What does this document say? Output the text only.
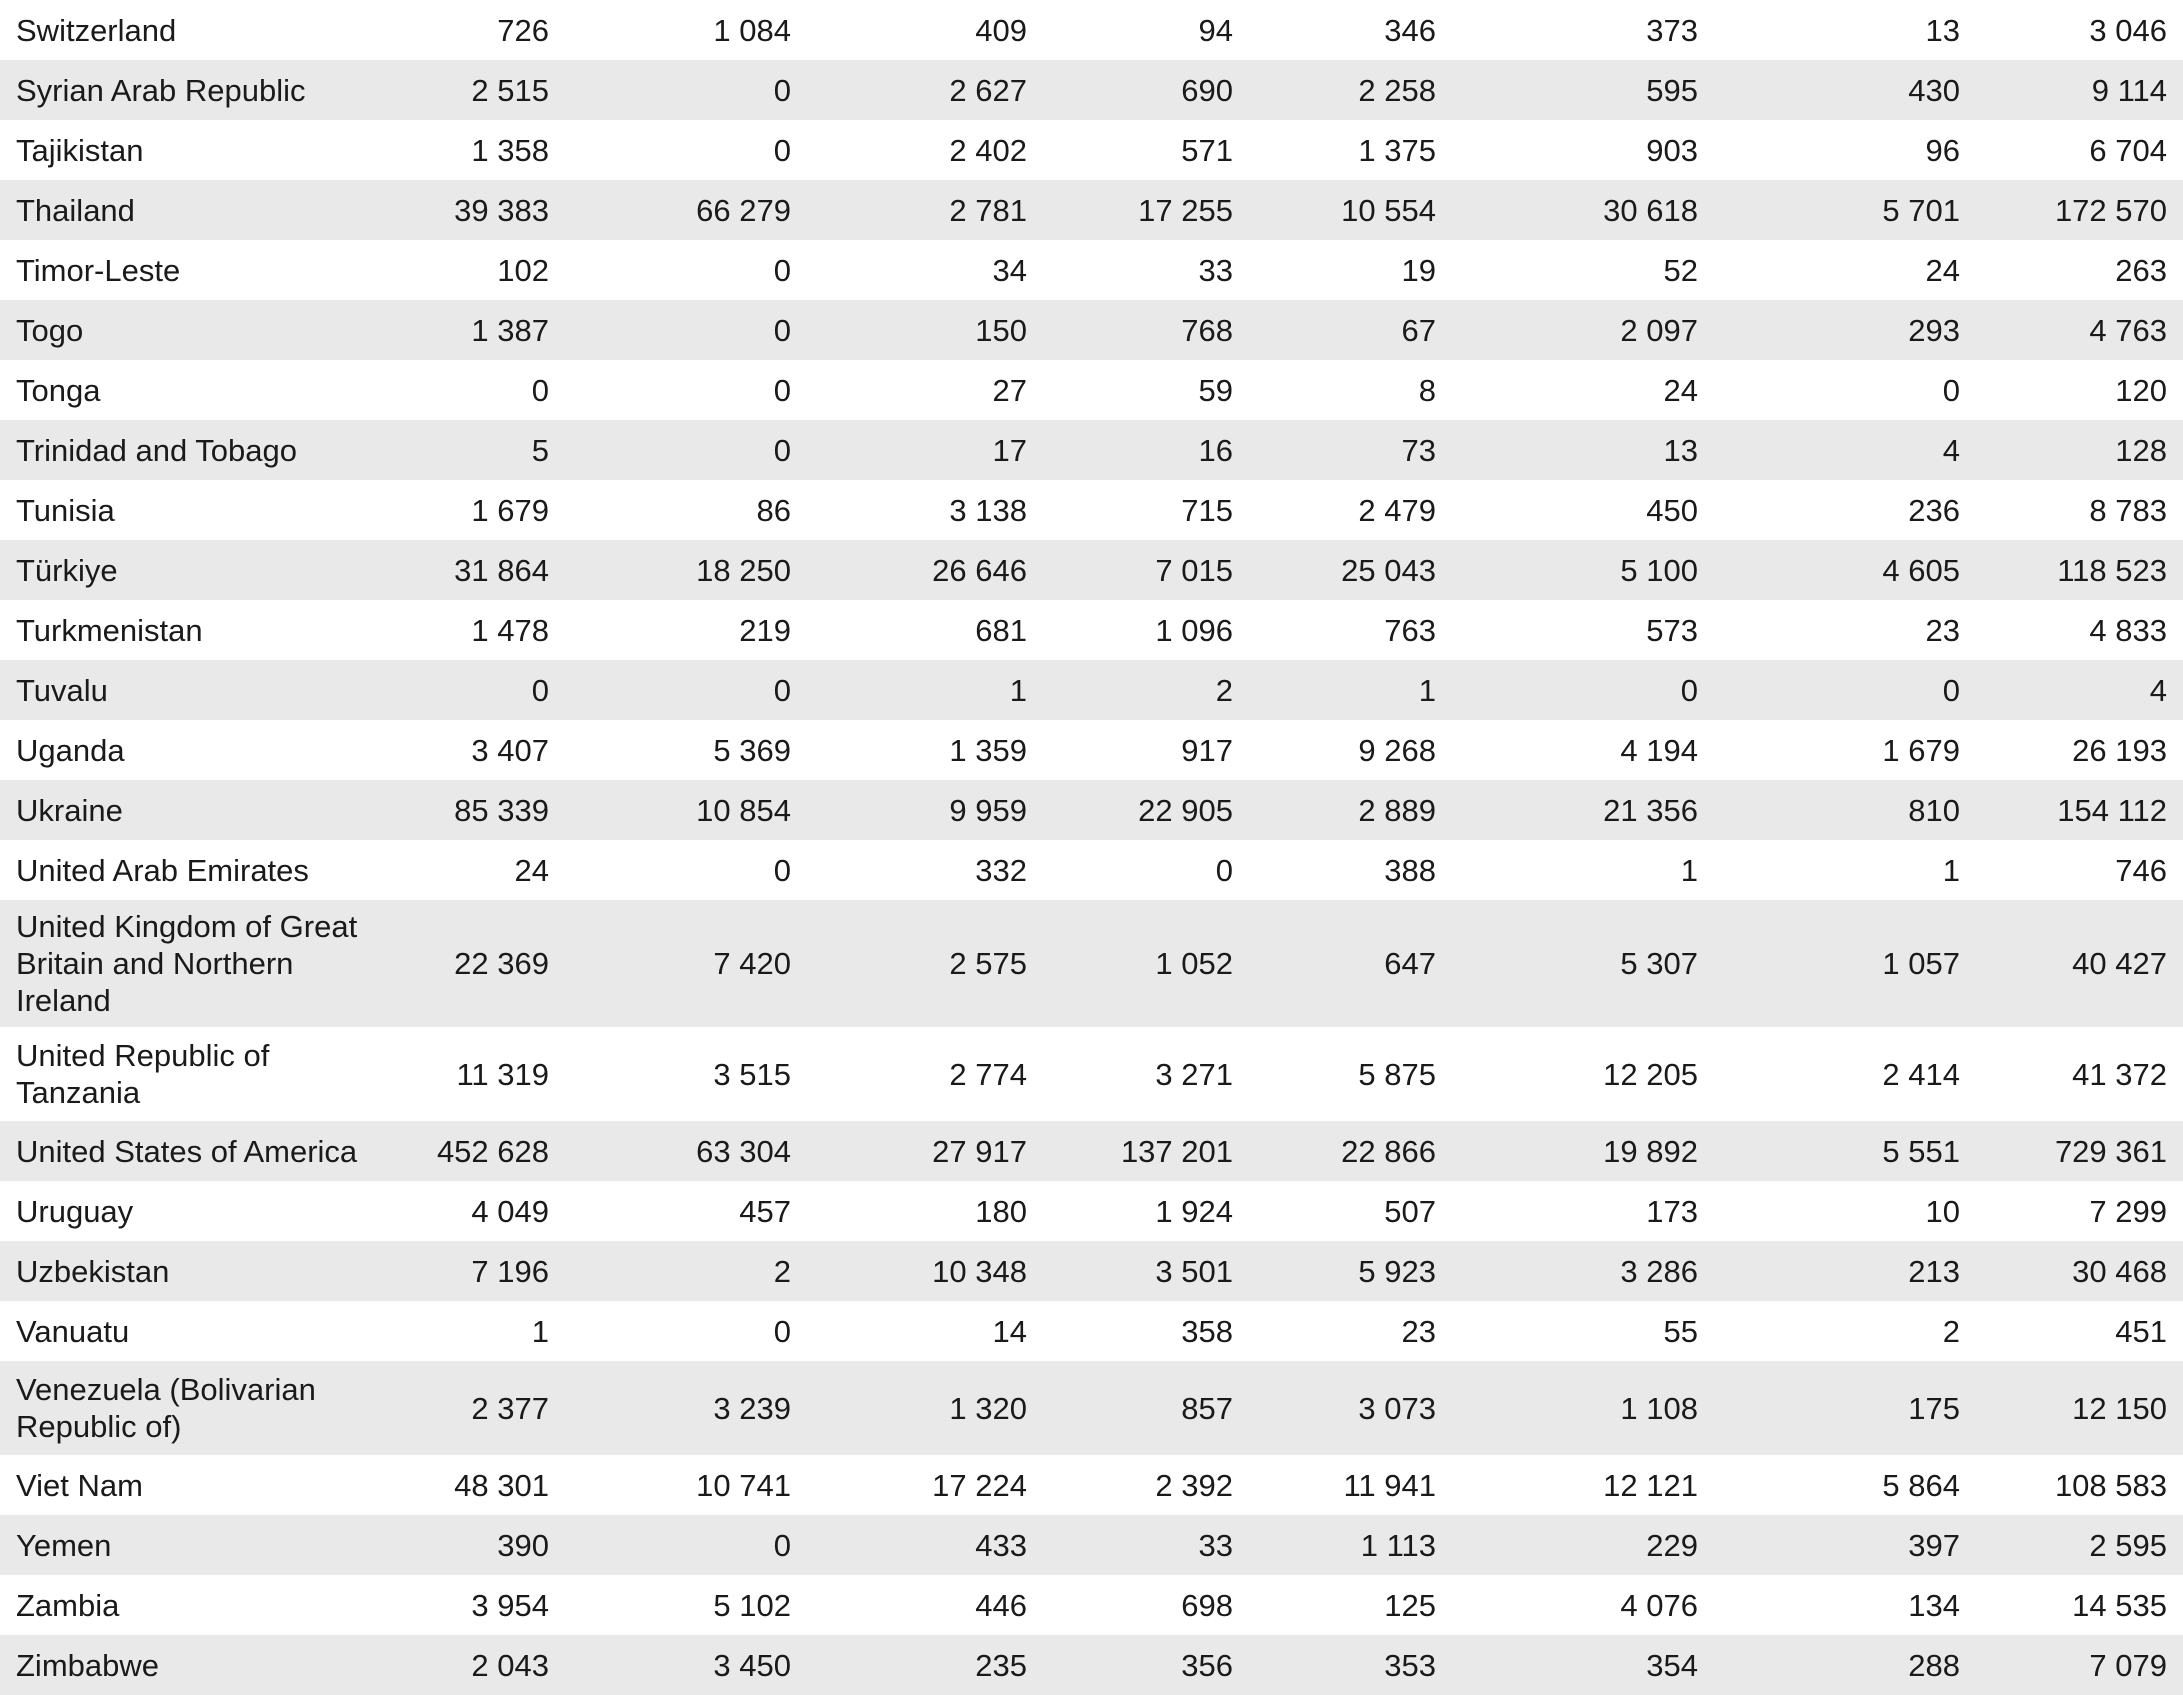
Switzerland	726	1 084	409	94	346	373	13	3 046
Syrian Arab Republic	2 515	0	2 627	690	2 258	595	430	9 114
Tajikistan	1 358	0	2 402	571	1 375	903	96	6 704
Thailand	39 383	66 279	2 781	17 255	10 554	30 618	5 701	172 570
Timor-Leste	102	0	34	33	19	52	24	263
Togo	1 387	0	150	768	67	2 097	293	4 763
Tonga	0	0	27	59	8	24	0	120
Trinidad and Tobago	5	0	17	16	73	13	4	128
Tunisia	1 679	86	3 138	715	2 479	450	236	8 783
Türkiye	31 864	18 250	26 646	7 015	25 043	5 100	4 605	118 523
Turkmenistan	1 478	219	681	1 096	763	573	23	4 833
Tuvalu	0	0	1	2	1	0	0	4
Uganda	3 407	5 369	1 359	917	9 268	4 194	1 679	26 193
Ukraine	85 339	10 854	9 959	22 905	2 889	21 356	810	154 112
United Arab Emirates	24	0	332	0	388	1	1	746
United Kingdom of Great Britain and Northern Ireland	22 369	7 420	2 575	1 052	647	5 307	1 057	40 427
United Republic of Tanzania	11 319	3 515	2 774	3 271	5 875	12 205	2 414	41 372
United States of America	452 628	63 304	27 917	137 201	22 866	19 892	5 551	729 361
Uruguay	4 049	457	180	1 924	507	173	10	7 299
Uzbekistan	7 196	2	10 348	3 501	5 923	3 286	213	30 468
Vanuatu	1	0	14	358	23	55	2	451
Venezuela (Bolivarian Republic of)	2 377	3 239	1 320	857	3 073	1 108	175	12 150
Viet Nam	48 301	10 741	17 224	2 392	11 941	12 121	5 864	108 583
Yemen	390	0	433	33	1 113	229	397	2 595
Zambia	3 954	5 102	446	698	125	4 076	134	14 535
Zimbabwe	2 043	3 450	235	356	353	354	288	7 079
